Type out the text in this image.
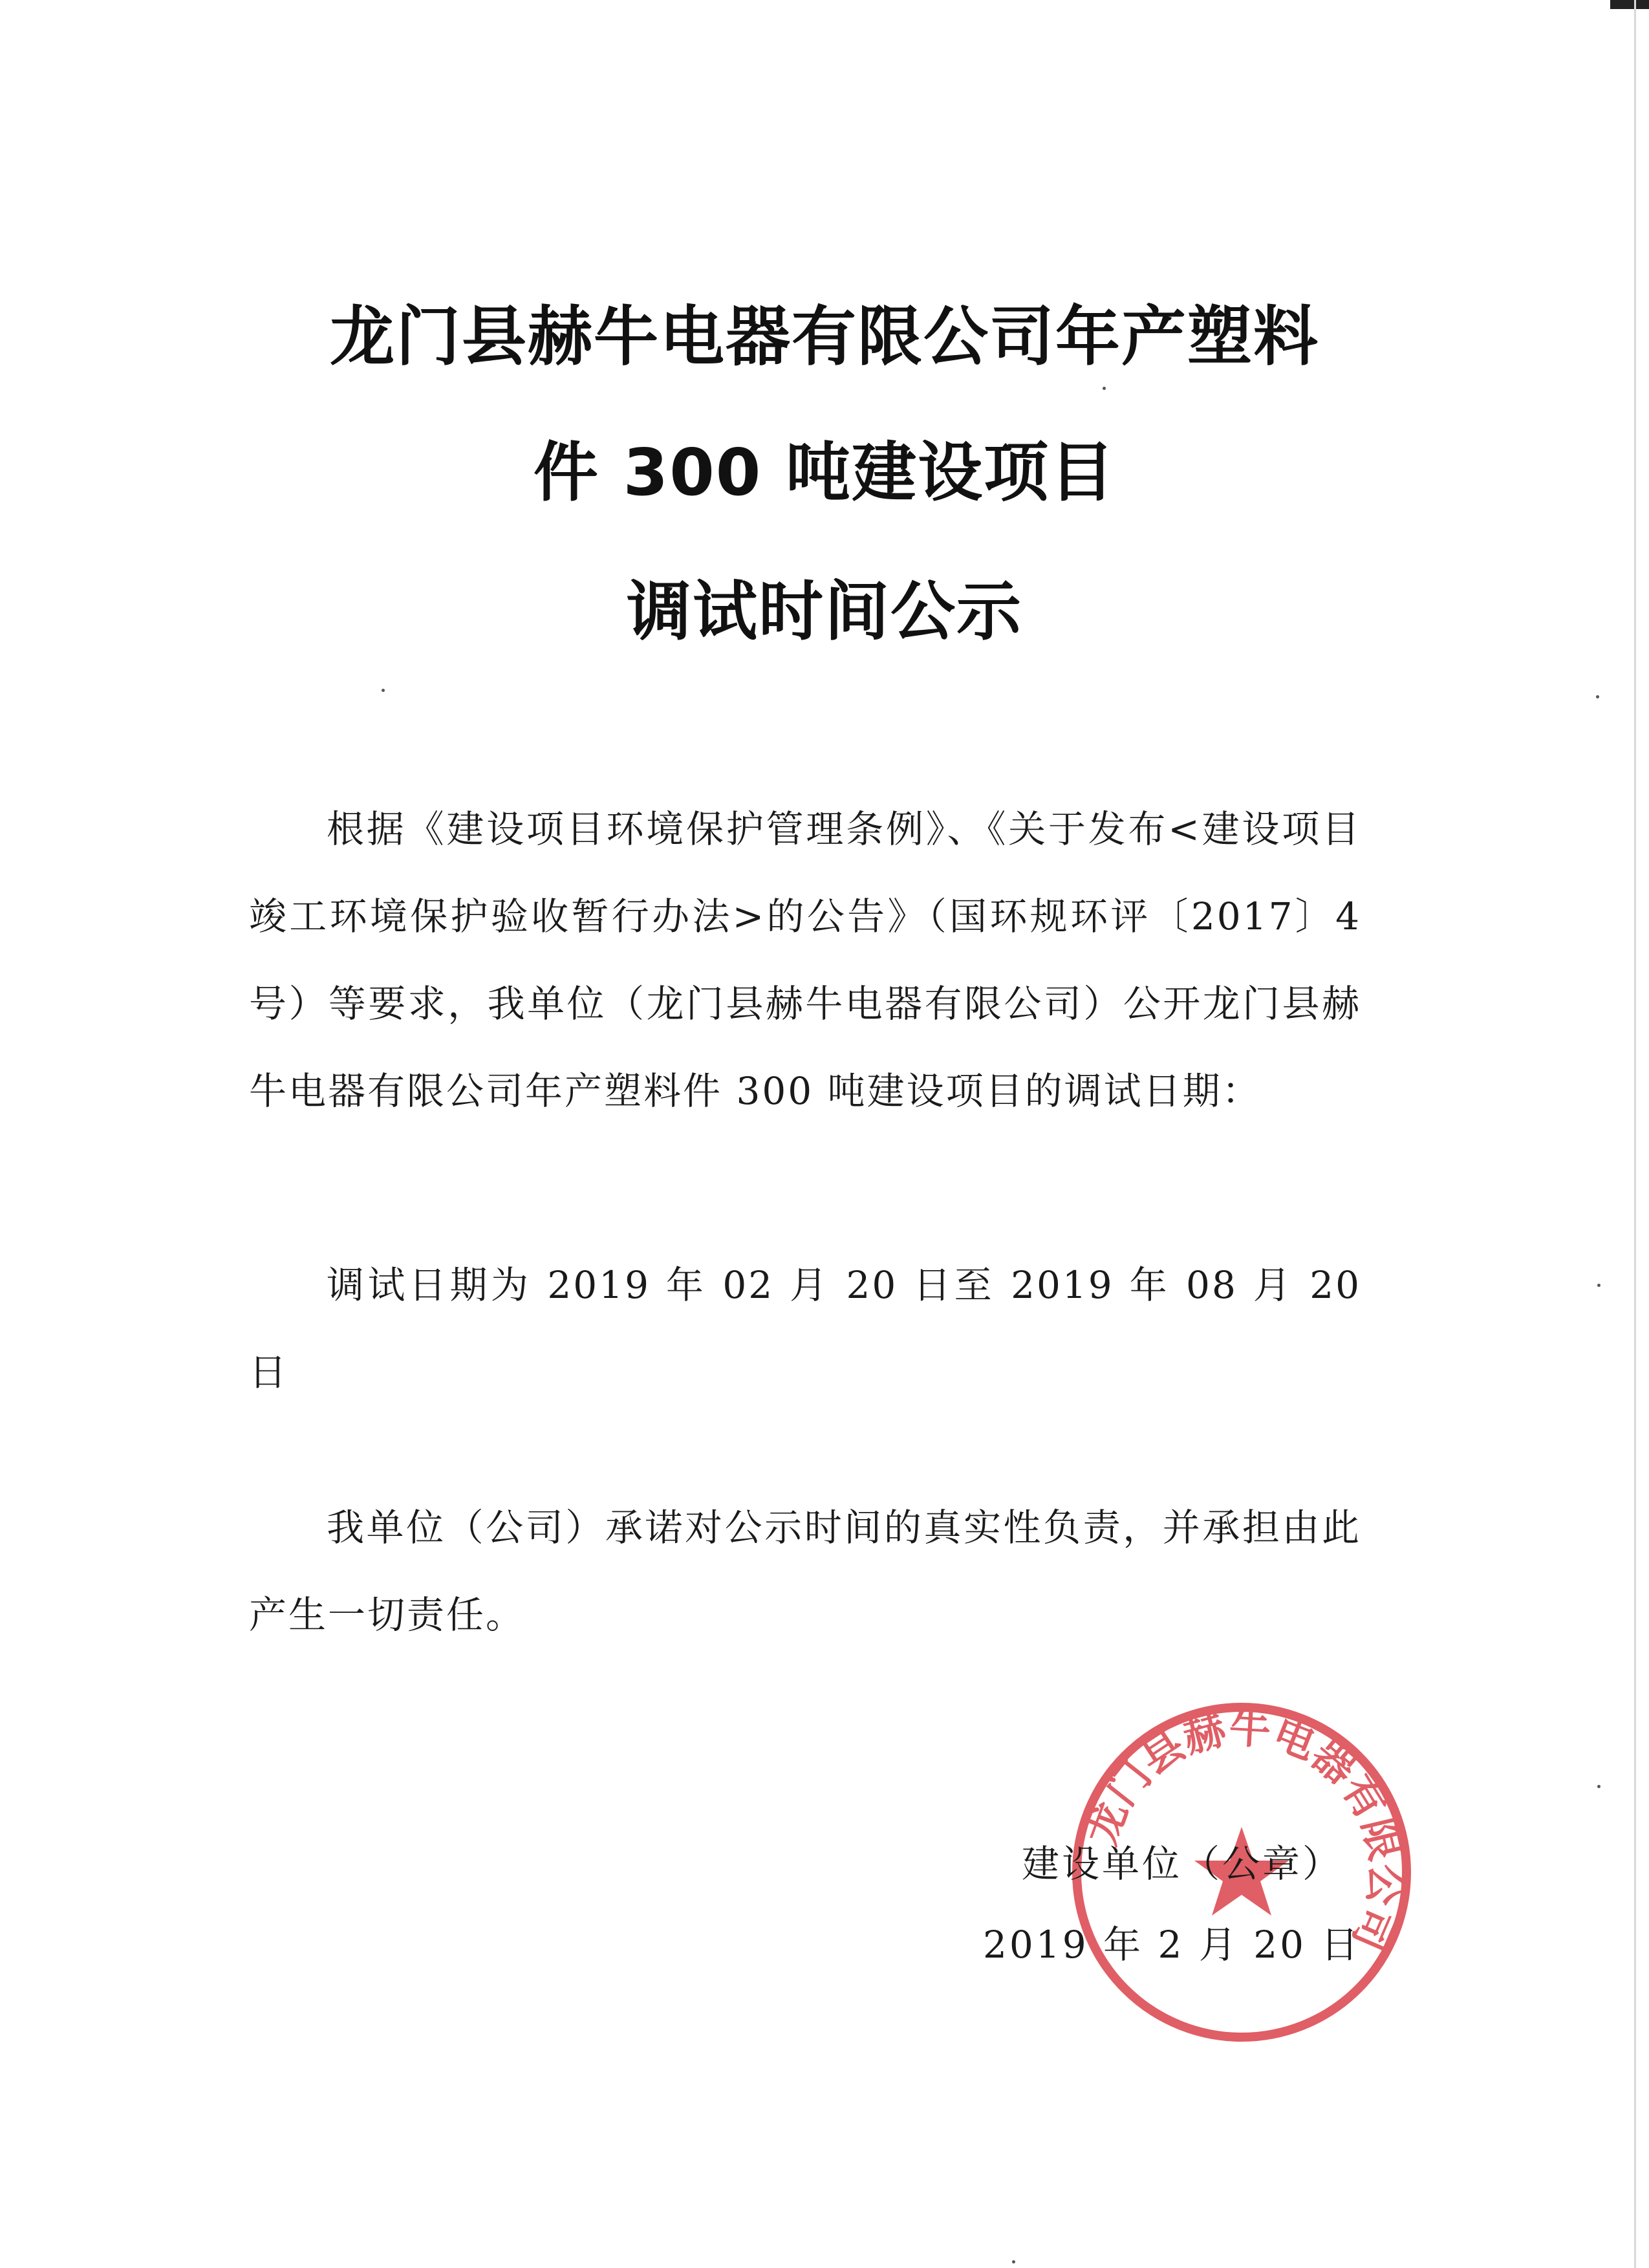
龙门县赫牛电器有限公司年产塑料
件 300 吨建设项目
调试时间公示

根据《建设项目环境保护管理条例》、《关于发布<建设项目竣工环境保护验收暂行办法>的公告》（国环规环评〔2017〕4 号）等要求，我单位（龙门县赫牛电器有限公司）公开龙门县赫牛电器有限公司年产塑料件 300 吨建设项目的调试日期：

调试日期为 2019 年 02 月 20 日至 2019 年 08 月 20 日

我单位（公司）承诺对公示时间的真实性负责，并承担由此产生一切责任。

龙门县赫牛电器有限公司
建设单位（公章）
2019 年 2 月 20 日
